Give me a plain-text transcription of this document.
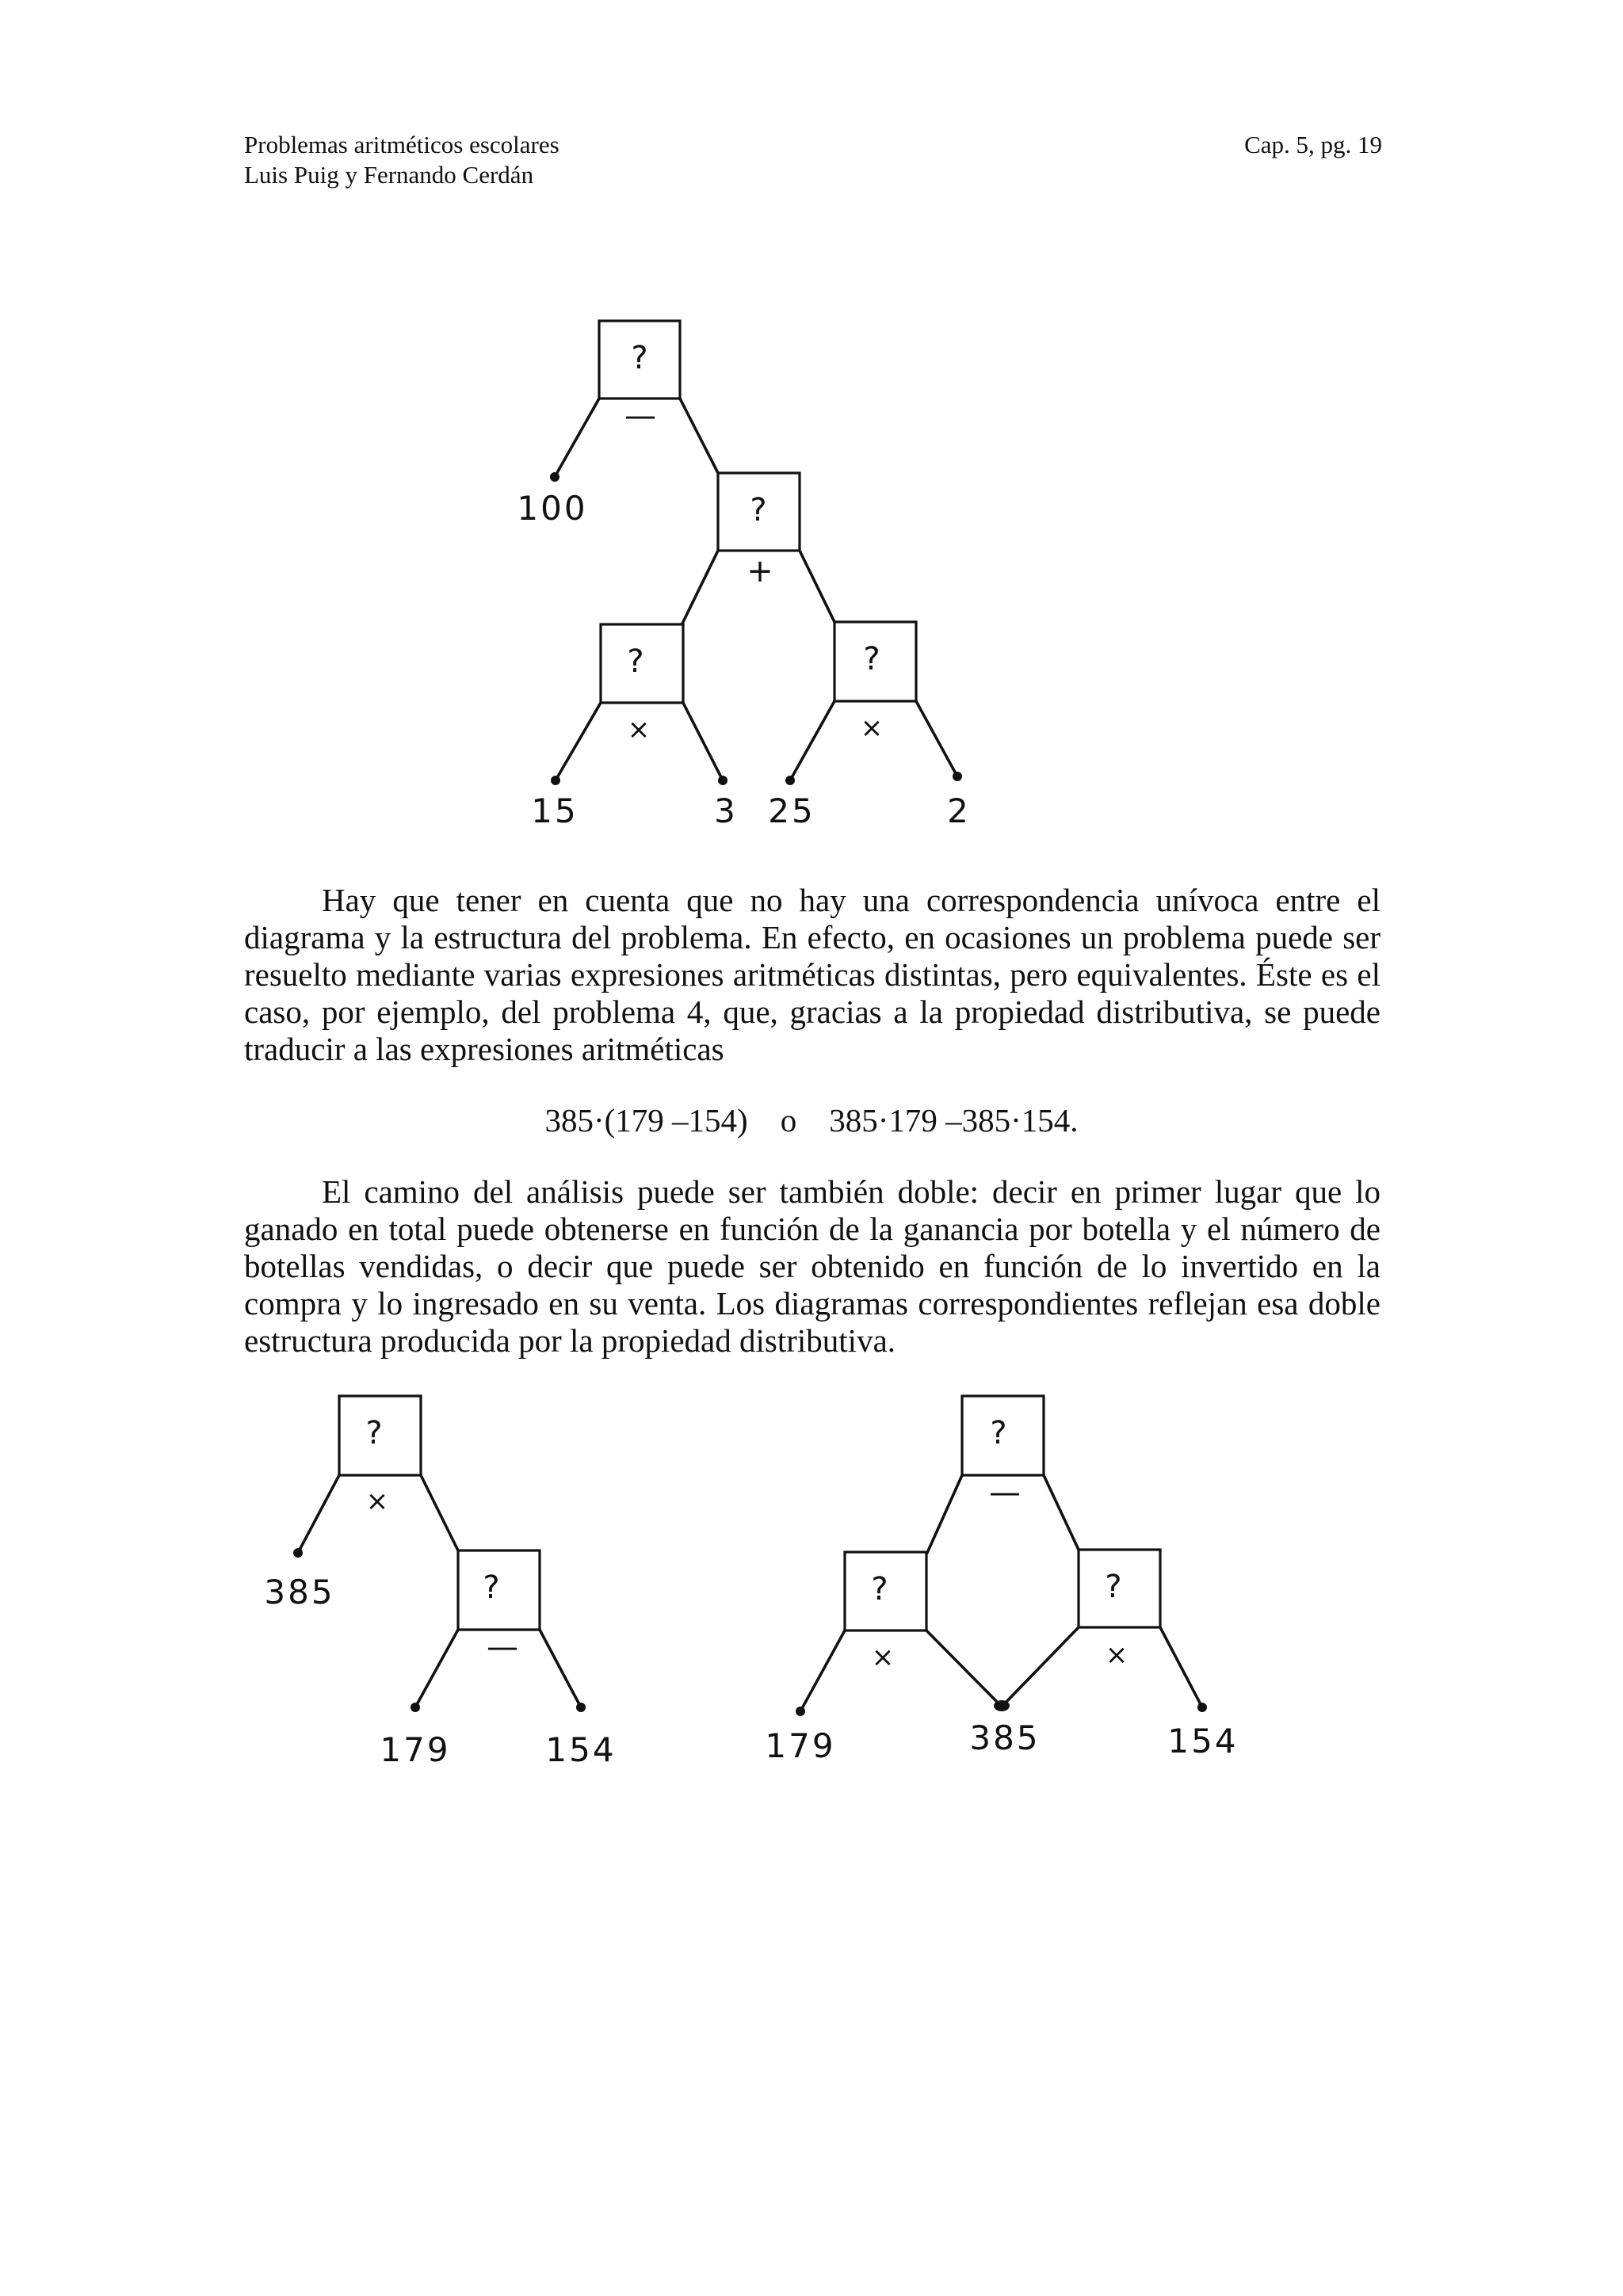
Problemas aritméticos escolares
Luis Puig y Fernando Cerdán
Cap. 5, pg. 19
?
—
?
+
?
×
?
×
100
15	3 25	2

Hay que tener en cuenta que no hay una correspondencia unívoca entre el diagrama y la estructura del problema. En efecto, en ocasiones un problema puede ser resuelto mediante varias expresiones aritméticas distintas, pero equivalentes. Éste es el caso, por ejemplo, del problema 4, que, gracias a la propiedad distributiva, se puede traducir a las expresiones aritméticas

385·(179 –154)    o    385·179 –385·154.

El camino del análisis puede ser también doble: decir en primer lugar que lo ganado en total puede obtenerse en función de la ganancia por botella y el número de botellas vendidas, o decir que puede ser obtenido en función de lo invertido en la compra y lo ingresado en su venta. Los diagramas correspondientes reflejan esa doble estructura producida por la propiedad distributiva.

?
×
?
—
385
179	154
?
—
?
×
?
×
179	385	154
